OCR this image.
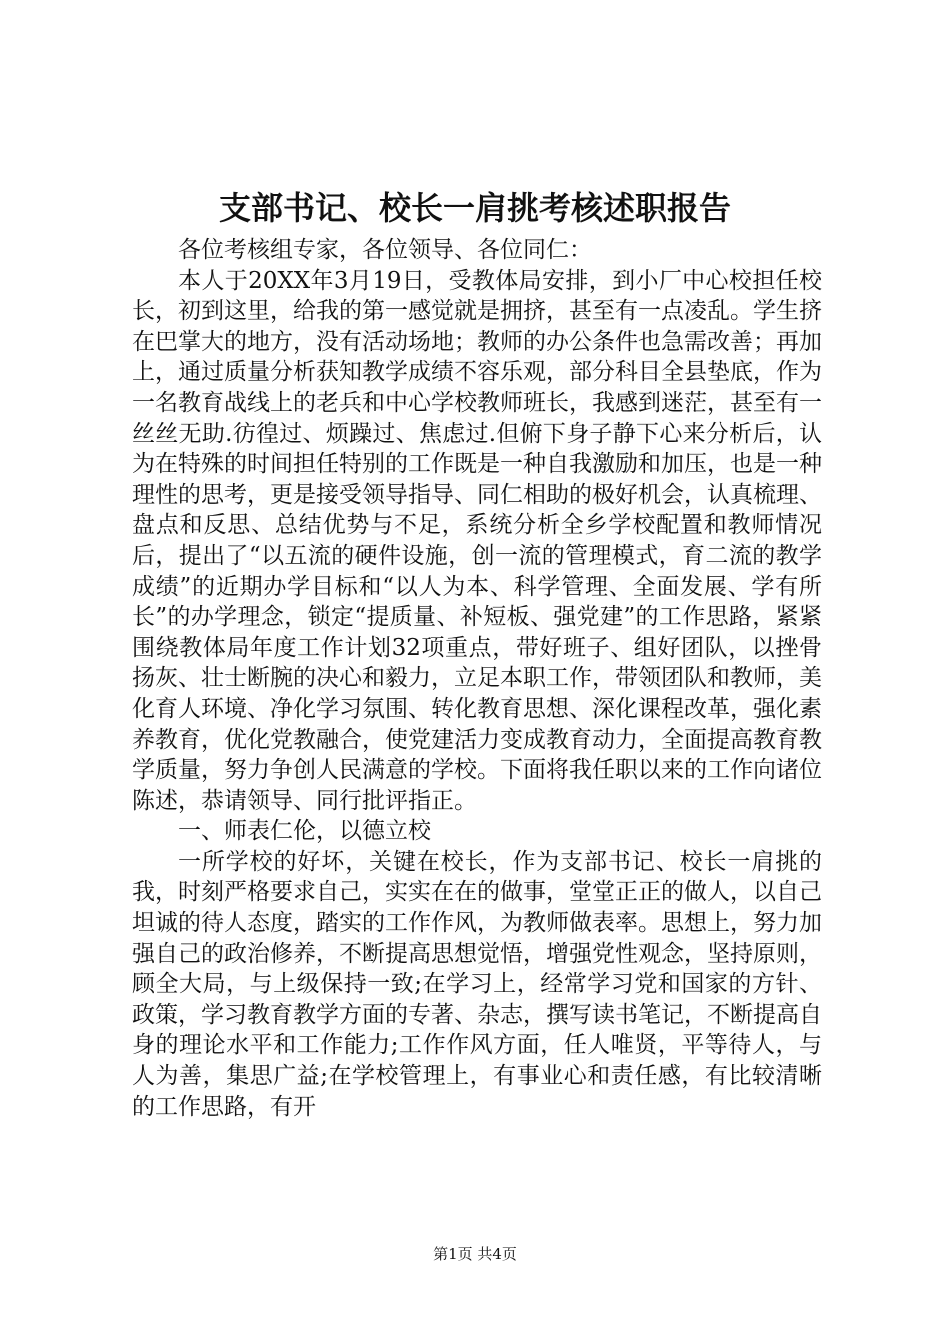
支部书记、校长一肩挑考核述职报告

各位考核组专家，各位领导、各位同仁：

本人于20XX年3月19日，受教体局安排，到小厂中心校担任校长，初到这里，给我的第一感觉就是拥挤，甚至有一点凌乱。学生挤在巴掌大的地方，没有活动场地；教师的办公条件也急需改善；再加上，通过质量分析获知教学成绩不容乐观，部分科目全县垫底，作为一名教育战线上的老兵和中心学校教师班长，我感到迷茫，甚至有一丝丝无助.彷徨过、烦躁过、焦虑过.但俯下身子静下心来分析后，认为在特殊的时间担任特别的工作既是一种自我激励和加压，也是一种理性的思考，更是接受领导指导、同仁相助的极好机会，认真梳理、盘点和反思、总结优势与不足，系统分析全乡学校配置和教师情况后，提出了“以五流的硬件设施，创一流的管理模式，育二流的教学成绩”的近期办学目标和“以人为本、科学管理、全面发展、学有所长”的办学理念，锁定“提质量、补短板、强党建”的工作思路，紧紧围绕教体局年度工作计划32项重点，带好班子、组好团队，以挫骨扬灰、壮士断腕的决心和毅力，立足本职工作，带领团队和教师，美化育人环境、净化学习氛围、转化教育思想、深化课程改革，强化素养教育，优化党教融合，使党建活力变成教育动力，全面提高教育教学质量，努力争创人民满意的学校。下面将我任职以来的工作向诸位陈述，恭请领导、同行批评指正。

一、师表仁伦，以德立校

一所学校的好坏，关键在校长，作为支部书记、校长一肩挑的我，时刻严格要求自己，实实在在的做事，堂堂正正的做人，以自己坦诚的待人态度，踏实的工作作风，为教师做表率。思想上，努力加强自己的政治修养，不断提高思想觉悟，增强党性观念，坚持原则，顾全大局，与上级保持一致;在学习上，经常学习党和国家的方针、政策，学习教育教学方面的专著、杂志，撰写读书笔记，不断提高自身的理论水平和工作能力;工作作风方面，任人唯贤，平等待人，与人为善，集思广益;在学校管理上，有事业心和责任感，有比较清晰的工作思路，有开

第1页 共4页
